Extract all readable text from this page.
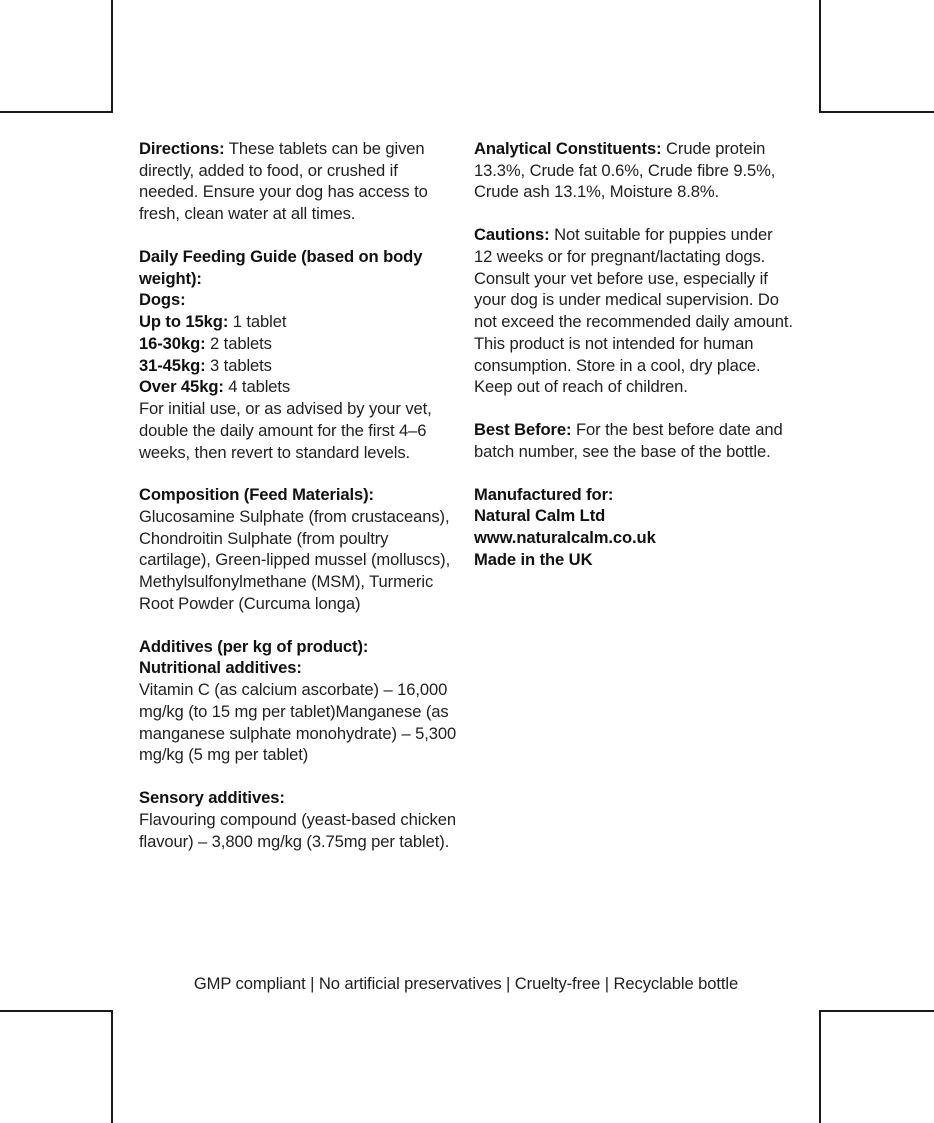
Directions: These tablets can be given directly, added to food, or crushed if needed. Ensure your dog has access to fresh, clean water at all times.

Daily Feeding Guide (based on body weight):
Dogs:

Up to 15kg: 1 tablet

16-30kg: 2 tablets

31-45kg: 3 tablets

Over 45kg: 4 tablets

For initial use, or as advised by your vet, double the daily amount for the first 4–6 weeks, then revert to standard levels.

Composition (Feed Materials):

Glucosamine Sulphate (from crustaceans), Chondroitin Sulphate (from poultry cartilage), Green-lipped mussel (molluscs), Methylsulfonylmethane (MSM), Turmeric Root Powder (Curcuma longa)

Additives (per kg of product):
Nutritional additives:

Vitamin C (as calcium ascorbate) – 16,000 mg/kg (to 15 mg per tablet)Manganese (as manganese sulphate monohydrate) – 5,300 mg/kg (5 mg per tablet)

Sensory additives:

Flavouring compound (yeast-based chicken flavour) – 3,800 mg/kg (3.75mg per tablet).

Analytical Constituents: Crude protein 13.3%, Crude fat 0.6%, Crude fibre 9.5%, Crude ash 13.1%, Moisture 8.8%.

Cautions: Not suitable for puppies under 12 weeks or for pregnant/lactating dogs. Consult your vet before use, especially if your dog is under medical supervision. Do not exceed the recommended daily amount. This product is not intended for human consumption. Store in a cool, dry place. Keep out of reach of children.

Best Before: For the best before date and batch number, see the base of the bottle.

Manufactured for:
Natural Calm Ltd
www.naturalcalm.co.uk
Made in the UK
GMP compliant | No artificial preservatives | Cruelty-free | Recyclable bottle
